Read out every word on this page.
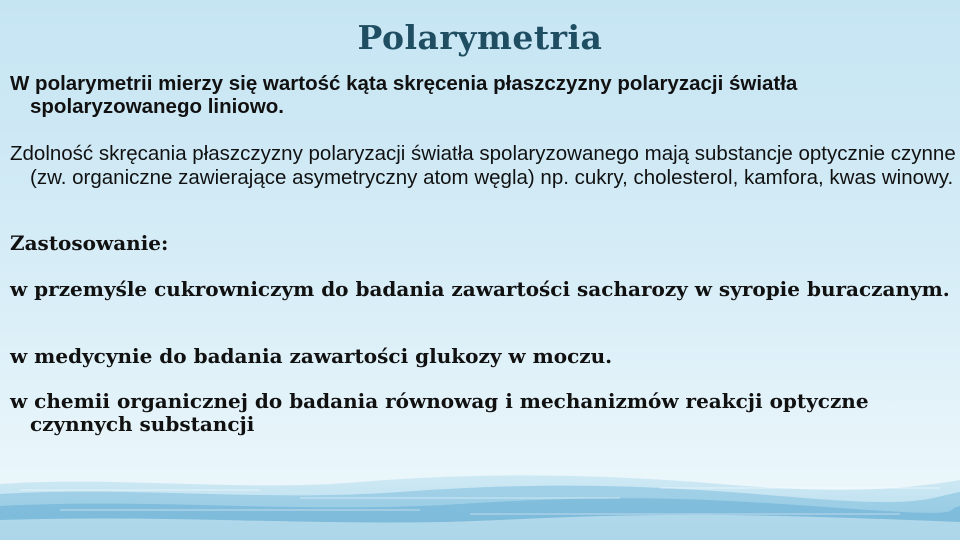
Polarymetria

W polarymetrii mierzy się wartość kąta skręcenia płaszczyzny polaryzacji światła spolaryzowanego liniowo.

Zdolność skręcania płaszczyzny polaryzacji światła spolaryzowanego mają substancje optycznie czynne (zw. organiczne zawierające asymetryczny atom węgla) np. cukry, cholesterol, kamfora, kwas winowy.

Zastosowanie:

w przemyśle cukrowniczym do badania zawartości sacharozy w syropie buraczanym.

w medycynie do badania zawartości glukozy w moczu.

w chemii organicznej do badania równowag i mechanizmów reakcji optyczne czynnych substancji
